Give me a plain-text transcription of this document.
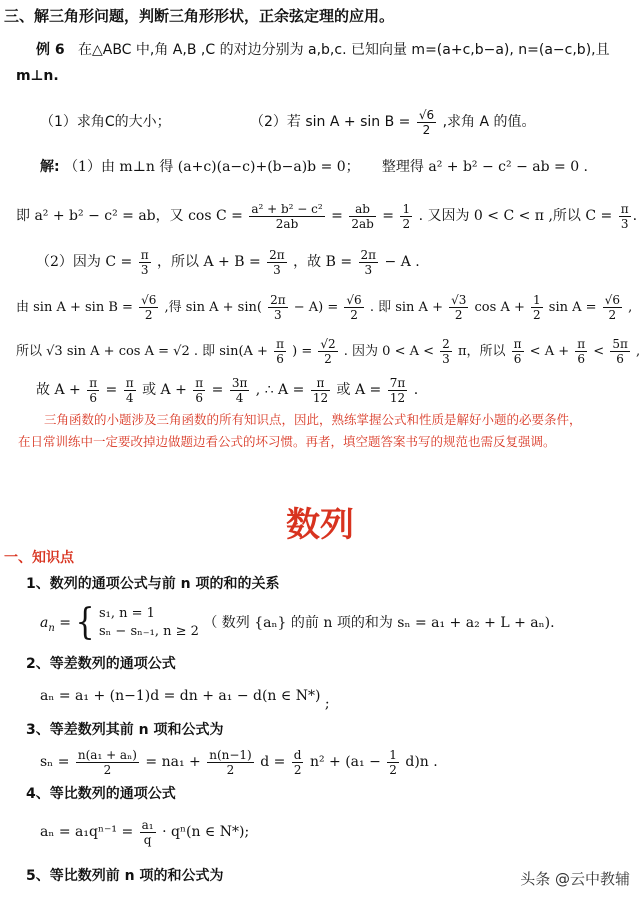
三、解三角形问题，判断三角形形状，正余弦定理的应用。
例 6 在△ABC 中,角 A,B ,C 的对边分别为 a,b,c. 已知向量 m=(a+c,b−a), n=(a−c,b),且
m⊥n.
（1）求角C的大小；	（2）若 $\sin A + \sin B = \frac{√6}{2}$ ,求角 A 的值。
解: （1）由 m⊥n 得 (a+c)(a−c)+(b−a)b = 0； 整理得 a² + b² − c² − ab = 0 .
即 a² + b² − c² = ab，又 $\cos C = \frac{\text{a² + b² − c²}}{2ab} = \frac{ab}{2ab} = \frac{1}{2}$ . 又因为 0 < C < π ,所以 $C = \frac{\pi}{3}$ .
（2）因为 $C = \frac{\pi}{3}$ ，所以 $A + B = \frac{2\pi}{3}$ ，故 $B = \frac{2\pi}{3} - A$ .
由 $\sin A + \sin B = \frac{√6}{2}$ ,得 $\sin A + \sin( \frac{2\pi}{3} - A) = \frac{√6}{2}$ . 即 $\sin A + \frac{√3}{2}$ $\cos A + \frac{1}{2}$ $\sin A = \frac{√6}{2}$ ,
所以 √3 sin A + cos A = √2 . 即 $\sin(A + \frac{\pi}{6}$ ) = $\frac{√2}{2}$ . 因为 $0 < A < \frac{2}{3}$ π，所以 $\frac{\pi}{6} < A + \frac{\pi}{6} < \frac{5\pi}{6}$ ,
故 $A + \frac{\pi}{6} = \frac{\pi}{4}$ 或 $A + \frac{\pi}{6} = \frac{3\pi}{4}$ , ∴ $A = \frac{\pi}{12}$ 或 $A = \frac{7\pi}{12}$ .
三角函数的小题涉及三角函数的所有知识点，因此，熟练掌握公式和性质是解好小题的必要条件，
在日常训练中一定要改掉边做题边看公式的坏习惯。再者，填空题答案书写的规范也需反复强调。
数列
一、知识点
1、数列的通项公式与前 n 项的和的关系
$a_n$ = { s₁, n = 1
sₙ − sₙ₋₁, n ≥ 2
（ 数列 {aₙ} 的前 n 项的和为 sₙ = a₁ + a₂ + L + aₙ).
2、等差数列的通项公式
aₙ = a₁ + (n−1)d = dn + a₁ − d(n ∈ N*) ;
3、等差数列其前 n 项和公式为
$s_n = \frac{\text{n(a₁ + aₙ)}}{2} = na_1 + \frac{n(n-1)}{2}$ $d = \frac{d}{2} n^2 + (a_1 - \frac{1}{2} d)n$ .
4、等比数列的通项公式
$a_n = a_1q^{n-1} = \frac{\text{a₁}}{q} \cdot q^n(n$ ∈ N*);
5、等比数列前 n 项的和公式为	头条 @云中教辅
